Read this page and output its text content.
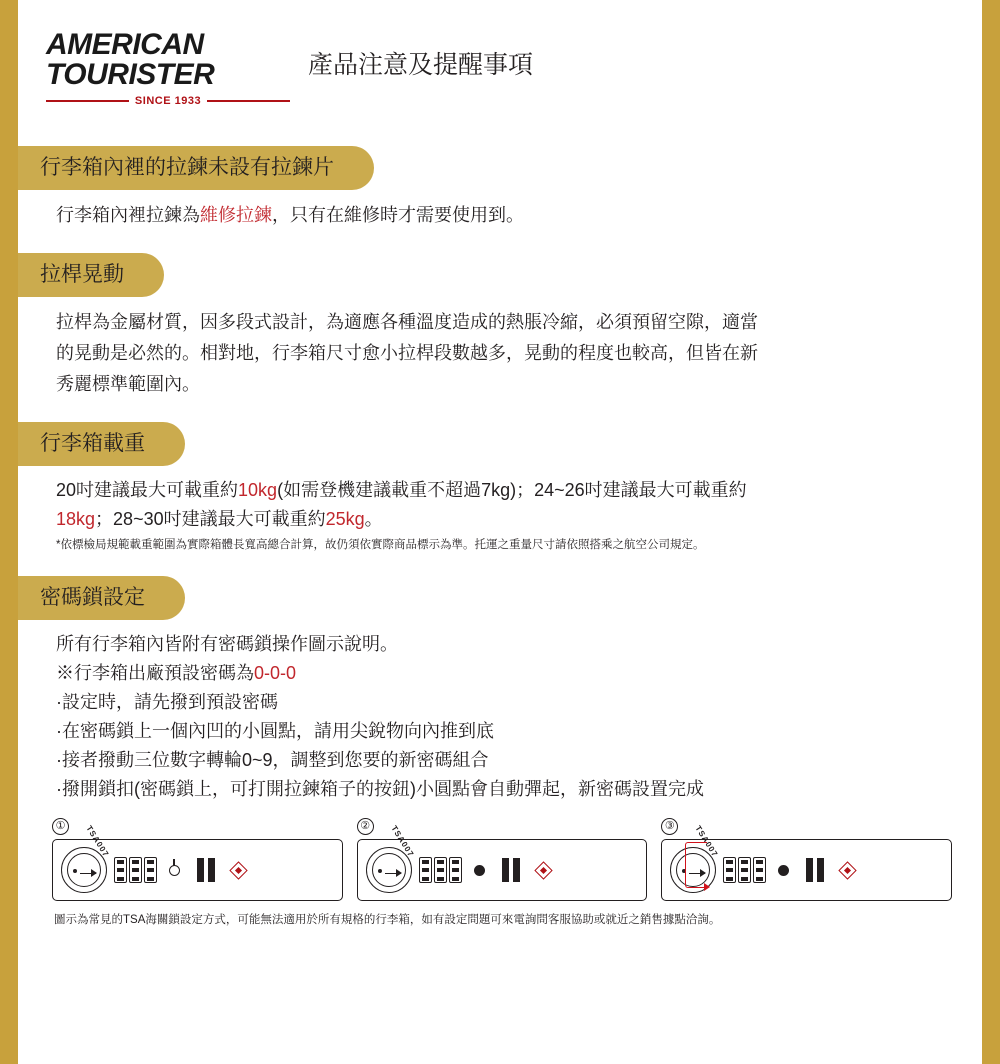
AMERICAN
TOURISTER
SINCE 1933
產品注意及提醒事項
行李箱內裡的拉鍊未設有拉鍊片
行李箱內裡拉鍊為維修拉鍊，只有在維修時才需要使用到。
拉桿晃動
拉桿為金屬材質，因多段式設計，為適應各種溫度造成的熱脹冷縮，必須預留空隙，適當
的晃動是必然的。相對地，行李箱尺寸愈小拉桿段數越多，晃動的程度也較高，但皆在新
秀麗標準範圍內。
行李箱載重
20吋建議最大可載重約10kg(如需登機建議載重不超過7kg)；24~26吋建議最大可載重約
18kg；28~30吋建議最大可載重約25kg。
*依標檢局規範載重範圍為實際箱體長寬高總合計算，故仍須依實際商品標示為準。托運之重量尺寸請依照搭乘之航空公司規定。
密碼鎖設定
所有行李箱內皆附有密碼鎖操作圖示說明。
※行李箱出廠預設密碼為0-0-0
·設定時，請先撥到預設密碼
·在密碼鎖上一個內凹的小圓點，請用尖銳物向內推到底
·接者撥動三位數字轉輪0~9，調整到您要的新密碼組合
·撥開鎖扣(密碼鎖上，可打開拉鍊箱子的按鈕)小圓點會自動彈起，新密碼設置完成
①	TSA007	②	TSA007	③	TSA007
圖示為常見的TSA海關鎖設定方式，可能無法適用於所有規格的行李箱，如有設定問題可來電詢問客服協助或就近之銷售據點洽詢。
